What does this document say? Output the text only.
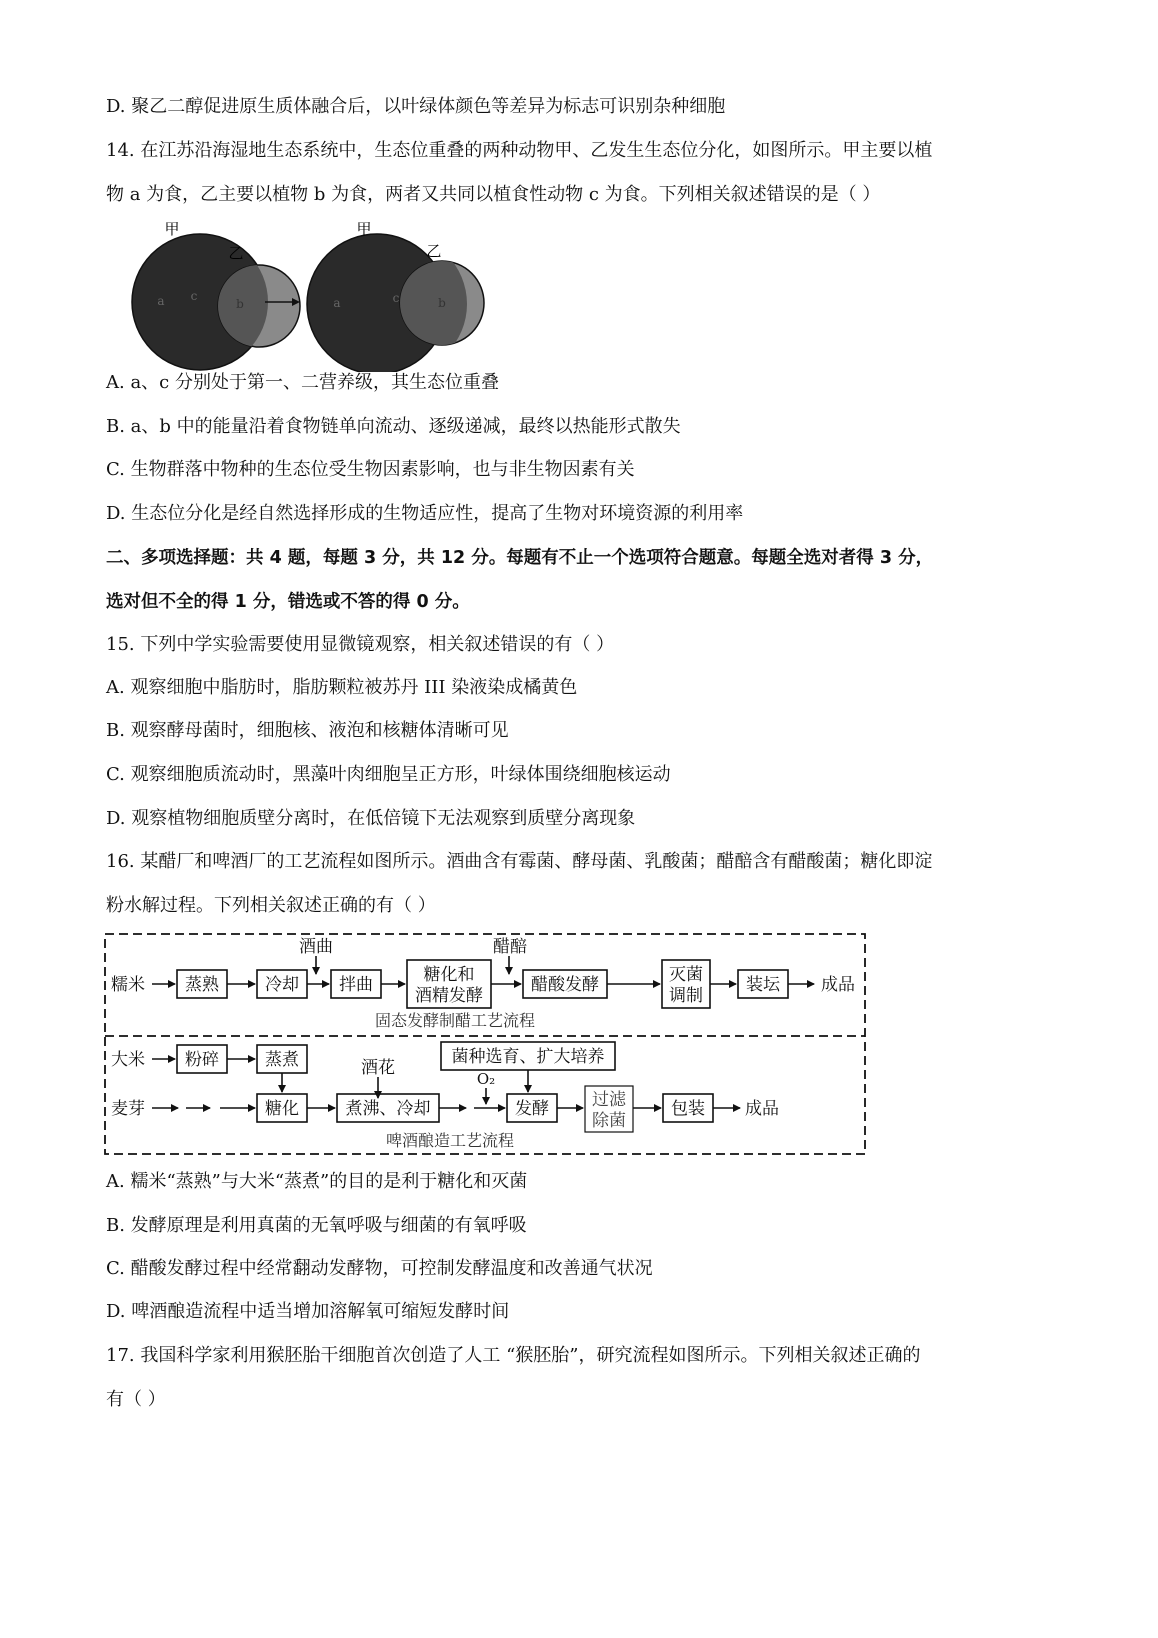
D. 聚乙二醇促进原生质体融合后，以叶绿体颜色等差异为标志可识别杂种细胞
14. 在江苏沿海湿地生态系统中，生态位重叠的两种动物甲、乙发生生态位分化，如图所示。甲主要以植
物 a 为食，乙主要以植物 b 为食，两者又共同以植食性动物 c 为食。下列相关叙述错误的是（ ）
甲
乙
a c
b
甲
乙
a	c	b
A. a、c 分别处于第一、二营养级，其生态位重叠
B. a、b 中的能量沿着食物链单向流动、逐级递减，最终以热能形式散失
C. 生物群落中物种的生态位受生物因素影响，也与非生物因素有关
D. 生态位分化是经自然选择形成的生物适应性，提高了生物对环境资源的利用率
二、多项选择题：共 4 题，每题 3 分，共 12 分。每题有不止一个选项符合题意。每题全选对者得 3 分，
选对但不全的得 1 分，错选或不答的得 0 分。
15. 下列中学实验需要使用显微镜观察，相关叙述错误的有（ ）
A. 观察细胞中脂肪时，脂肪颗粒被苏丹 III 染液染成橘黄色
B. 观察酵母菌时，细胞核、液泡和核糖体清晰可见
C. 观察细胞质流动时，黑藻叶肉细胞呈正方形，叶绿体围绕细胞核运动
D. 观察植物细胞质壁分离时，在低倍镜下无法观察到质壁分离现象
16. 某醋厂和啤酒厂的工艺流程如图所示。酒曲含有霉菌、酵母菌、乳酸菌；醋醅含有醋酸菌；糖化即淀
粉水解过程。下列相关叙述正确的有（ ）
糯米 蒸熟	冷却
酒曲
拌曲	糖化和
酒精发酵
醋醅
醋酸发酵	灭菌
调制
装坛 成品
固态发酵制醋工艺流程
大米 粉碎	蒸煮
麦芽	糖化
酒花
煮沸、冷却
O₂
菌种选育、扩大培养
发酵	过滤
除菌
包装 成品
啤酒酿造工艺流程
A. 糯米“蒸熟”与大米“蒸煮”的目的是利于糖化和灭菌
B. 发酵原理是利用真菌的无氧呼吸与细菌的有氧呼吸
C. 醋酸发酵过程中经常翻动发酵物，可控制发酵温度和改善通气状况
D. 啤酒酿造流程中适当增加溶解氧可缩短发酵时间
17. 我国科学家利用猴胚胎干细胞首次创造了人工 “猴胚胎”，研究流程如图所示。下列相关叙述正确的
有（ ）
